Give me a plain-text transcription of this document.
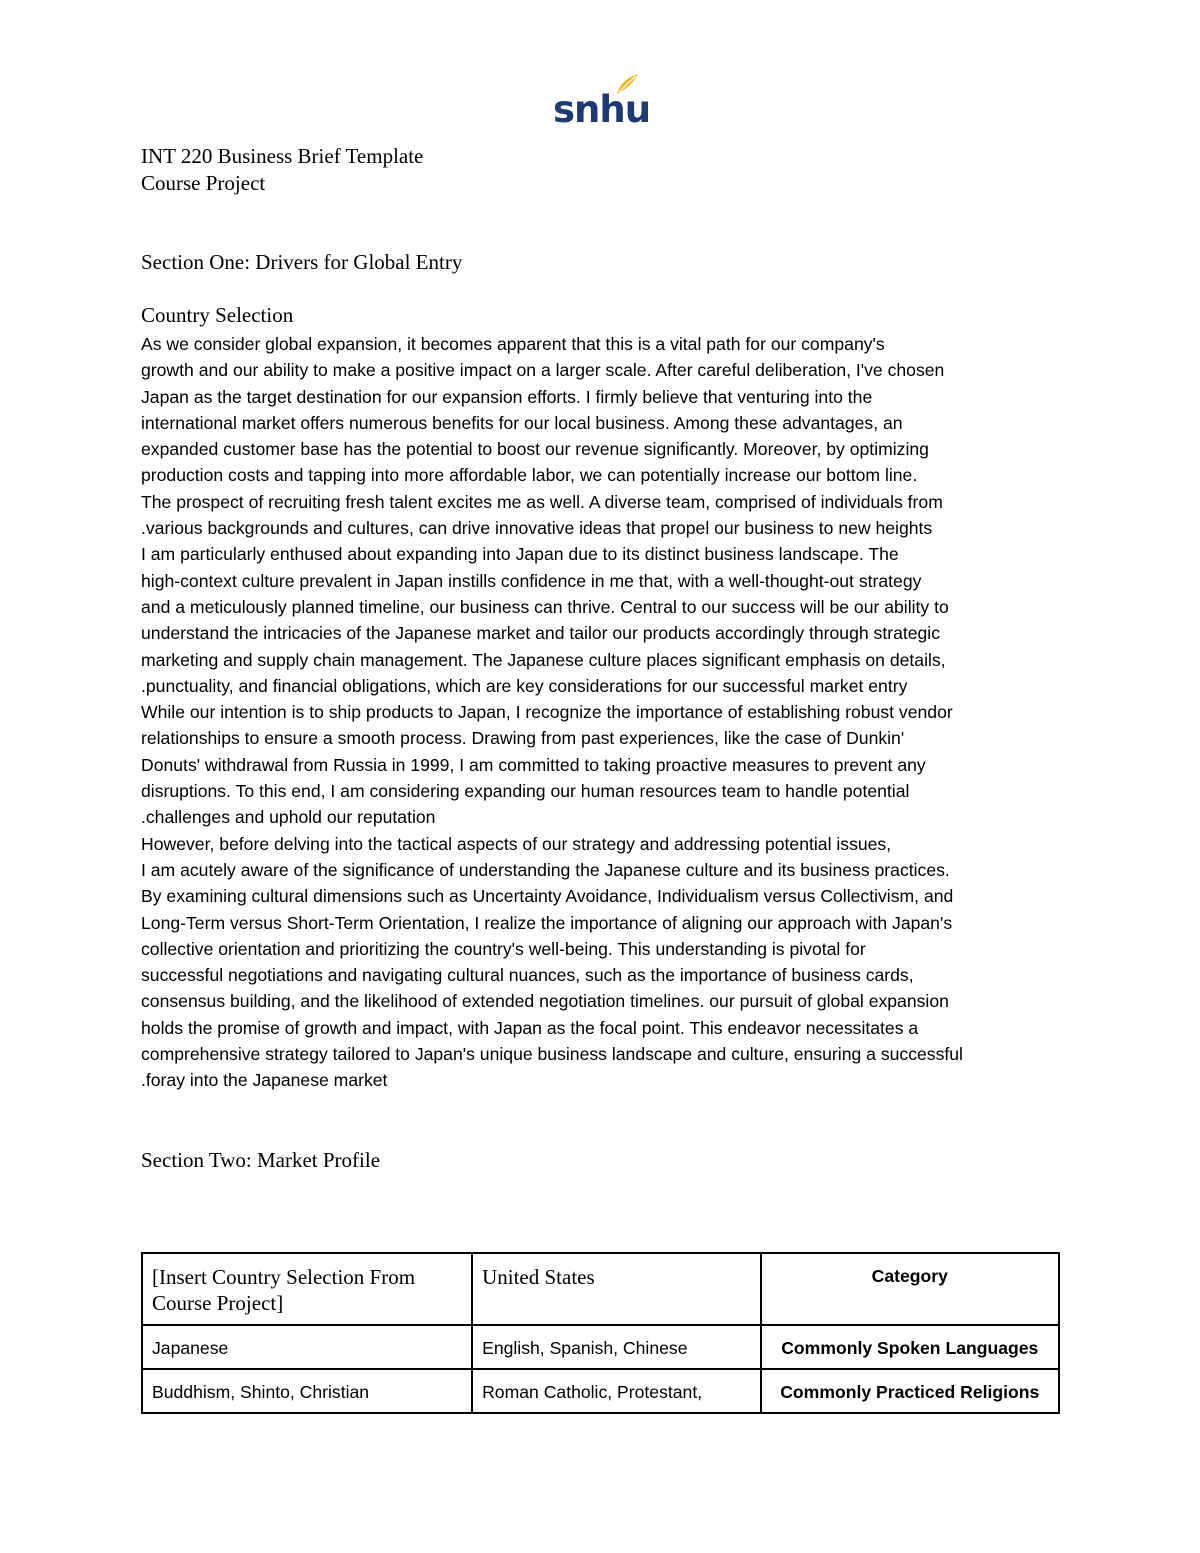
snhu
INT 220 Business Brief Template
Course Project
Section One: Drivers for Global Entry
Country Selection
As we consider global expansion, it becomes apparent that this is a vital path for our company's
growth and our ability to make a positive impact on a larger scale. After careful deliberation, I've chosen
Japan as the target destination for our expansion efforts. I firmly believe that venturing into the
international market offers numerous benefits for our local business. Among these advantages, an
expanded customer base has the potential to boost our revenue significantly. Moreover, by optimizing
production costs and tapping into more affordable labor, we can potentially increase our bottom line.
The prospect of recruiting fresh talent excites me as well. A diverse team, comprised of individuals from
.various backgrounds and cultures, can drive innovative ideas that propel our business to new heights
I am particularly enthused about expanding into Japan due to its distinct business landscape. The
high-context culture prevalent in Japan instills confidence in me that, with a well-thought-out strategy
and a meticulously planned timeline, our business can thrive. Central to our success will be our ability to
understand the intricacies of the Japanese market and tailor our products accordingly through strategic
marketing and supply chain management. The Japanese culture places significant emphasis on details,
.punctuality, and financial obligations, which are key considerations for our successful market entry
While our intention is to ship products to Japan, I recognize the importance of establishing robust vendor
relationships to ensure a smooth process. Drawing from past experiences, like the case of Dunkin'
Donuts' withdrawal from Russia in 1999, I am committed to taking proactive measures to prevent any
disruptions. To this end, I am considering expanding our human resources team to handle potential
.challenges and uphold our reputation
However, before delving into the tactical aspects of our strategy and addressing potential issues,
I am acutely aware of the significance of understanding the Japanese culture and its business practices.
By examining cultural dimensions such as Uncertainty Avoidance, Individualism versus Collectivism, and
Long-Term versus Short-Term Orientation, I realize the importance of aligning our approach with Japan's
collective orientation and prioritizing the country's well-being. This understanding is pivotal for
successful negotiations and navigating cultural nuances, such as the importance of business cards,
consensus building, and the likelihood of extended negotiation timelines. our pursuit of global expansion
holds the promise of growth and impact, with Japan as the focal point. This endeavor necessitates a
comprehensive strategy tailored to Japan's unique business landscape and culture, ensuring a successful
.foray into the Japanese market
Section Two: Market Profile
[Insert Country Selection From Course Project]	United States	Category
Japanese	English, Spanish, Chinese	Commonly Spoken Languages
Buddhism, Shinto, Christian	Roman Catholic, Protestant,	Commonly Practiced Religions
